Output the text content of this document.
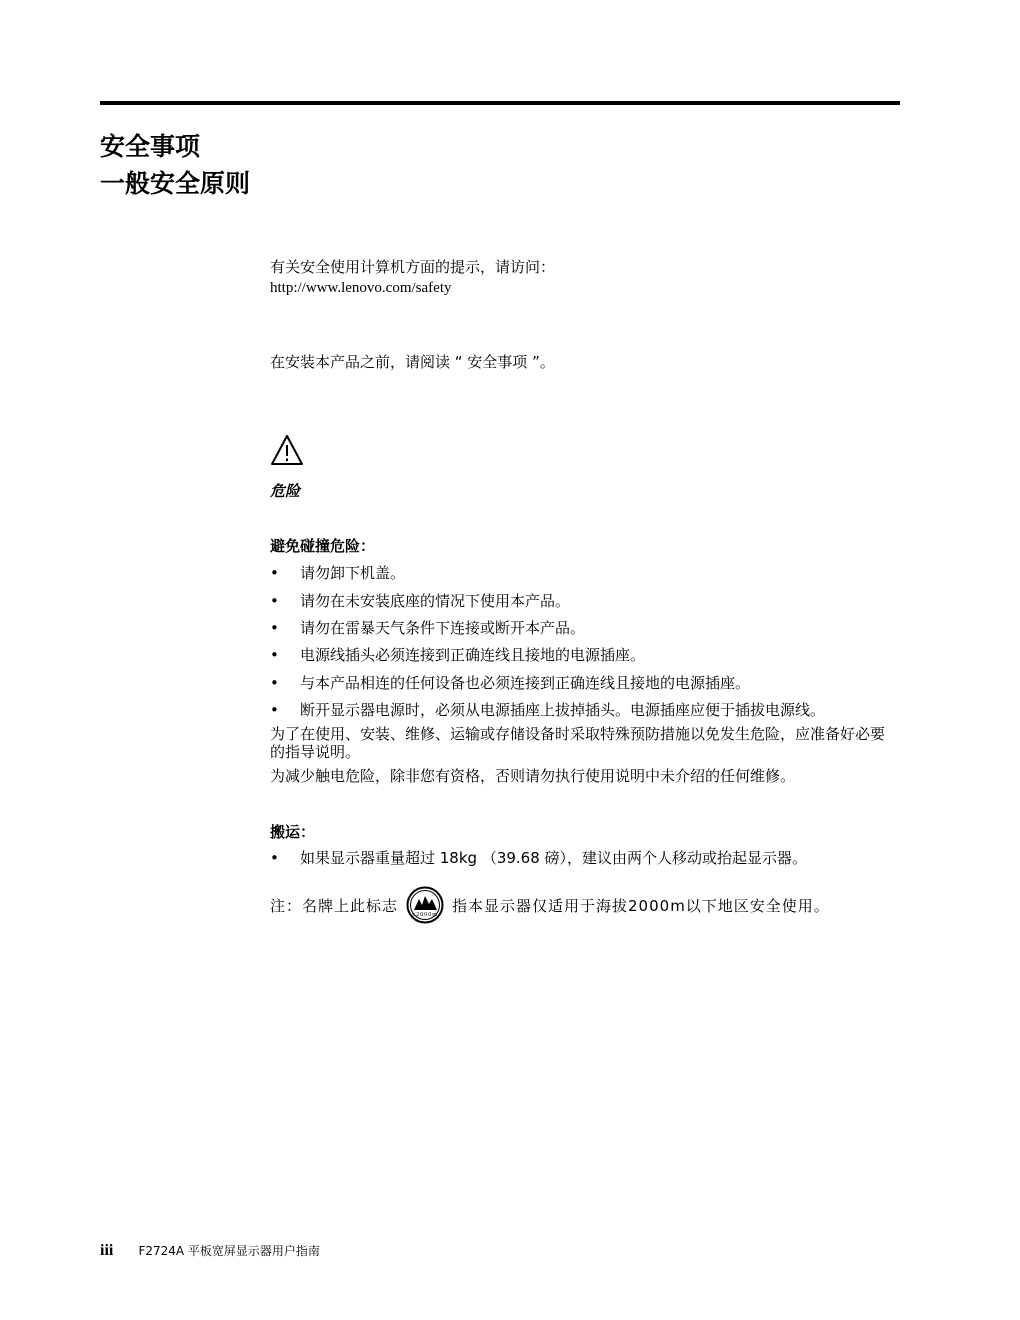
安全事项
一般安全原则
有关安全使用计算机方面的提示，请访问：
http://www.lenovo.com/safety
在安装本产品之前，请阅读 “ 安全事项 ”。
危险
避免碰撞危险：
• 请勿卸下机盖。
• 请勿在未安装底座的情况下使用本产品。
• 请勿在雷暴天气条件下连接或断开本产品。
• 电源线插头必须连接到正确连线且接地的电源插座。
• 与本产品相连的任何设备也必须连接到正确连线且接地的电源插座。
• 断开显示器电源时，必须从电源插座上拔掉插头。电源插座应便于插拔电源线。
为了在使用、安装、维修、运输或存储设备时采取特殊预防措施以免发生危险，应准备好必要的指导说明。
为减少触电危险，除非您有资格，否则请勿执行使用说明中未介绍的任何维修。
搬运：
• 如果显示器重量超过 18kg （39.68 磅），建议由两个人移动或抬起显示器。
注：名牌上此标志
≤2000m
指本显示器仅适用于海拔2000m以下地区安全使用。
iii F2724A 平板宽屏显示器用户指南
